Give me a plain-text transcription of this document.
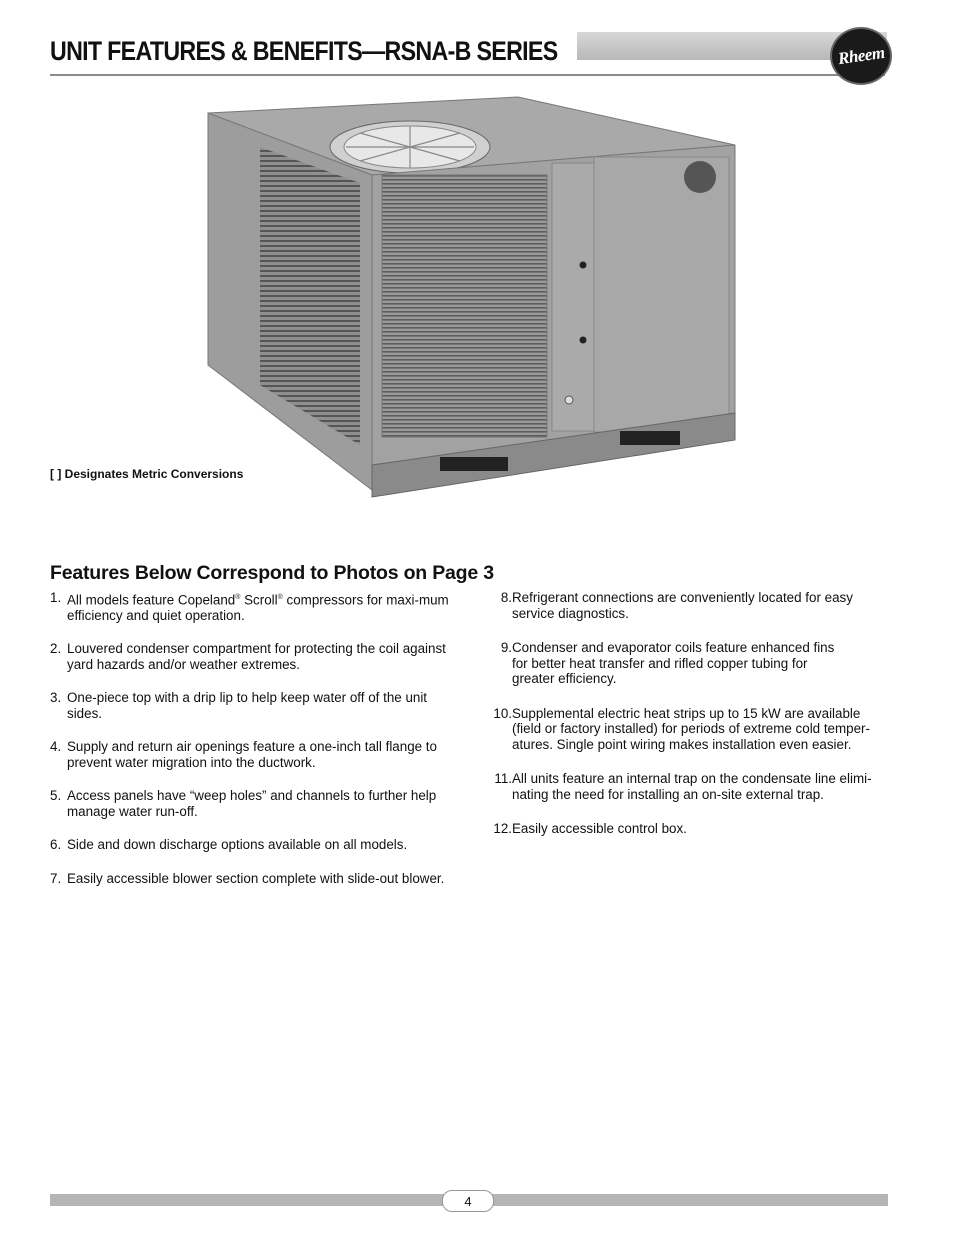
UNIT FEATURES & BENEFITS—RSNA-B SERIES	Rheem
[ ] Designates Metric Conversions
Features Below Correspond to Photos on Page 3
1. All models feature Copeland® Scroll® compressors for maxi-mum efficiency and quiet operation.
2. Louvered condenser compartment for protecting the coil against yard hazards and/or weather extremes.
3. One-piece top with a drip lip to help keep water off of the unit sides.
4. Supply and return air openings feature a one-inch tall flange to prevent water migration into the ductwork.
5. Access panels have “weep holes” and channels to further help manage water run-off.
6. Side and down discharge options available on all models.
7. Easily accessible blower section complete with slide-out blower.
8. Refrigerant connections are conveniently located for easy service diagnostics.
9. Condenser and evaporator coils feature enhanced fins for better heat transfer and rifled copper tubing for greater efficiency.
10. Supplemental electric heat strips up to 15 kW are available (field or factory installed) for periods of extreme cold temper-atures. Single point wiring makes installation even easier.
11. All units feature an internal trap on the condensate line elimi-nating the need for installing an on-site external trap.
12. Easily accessible control box.
4
